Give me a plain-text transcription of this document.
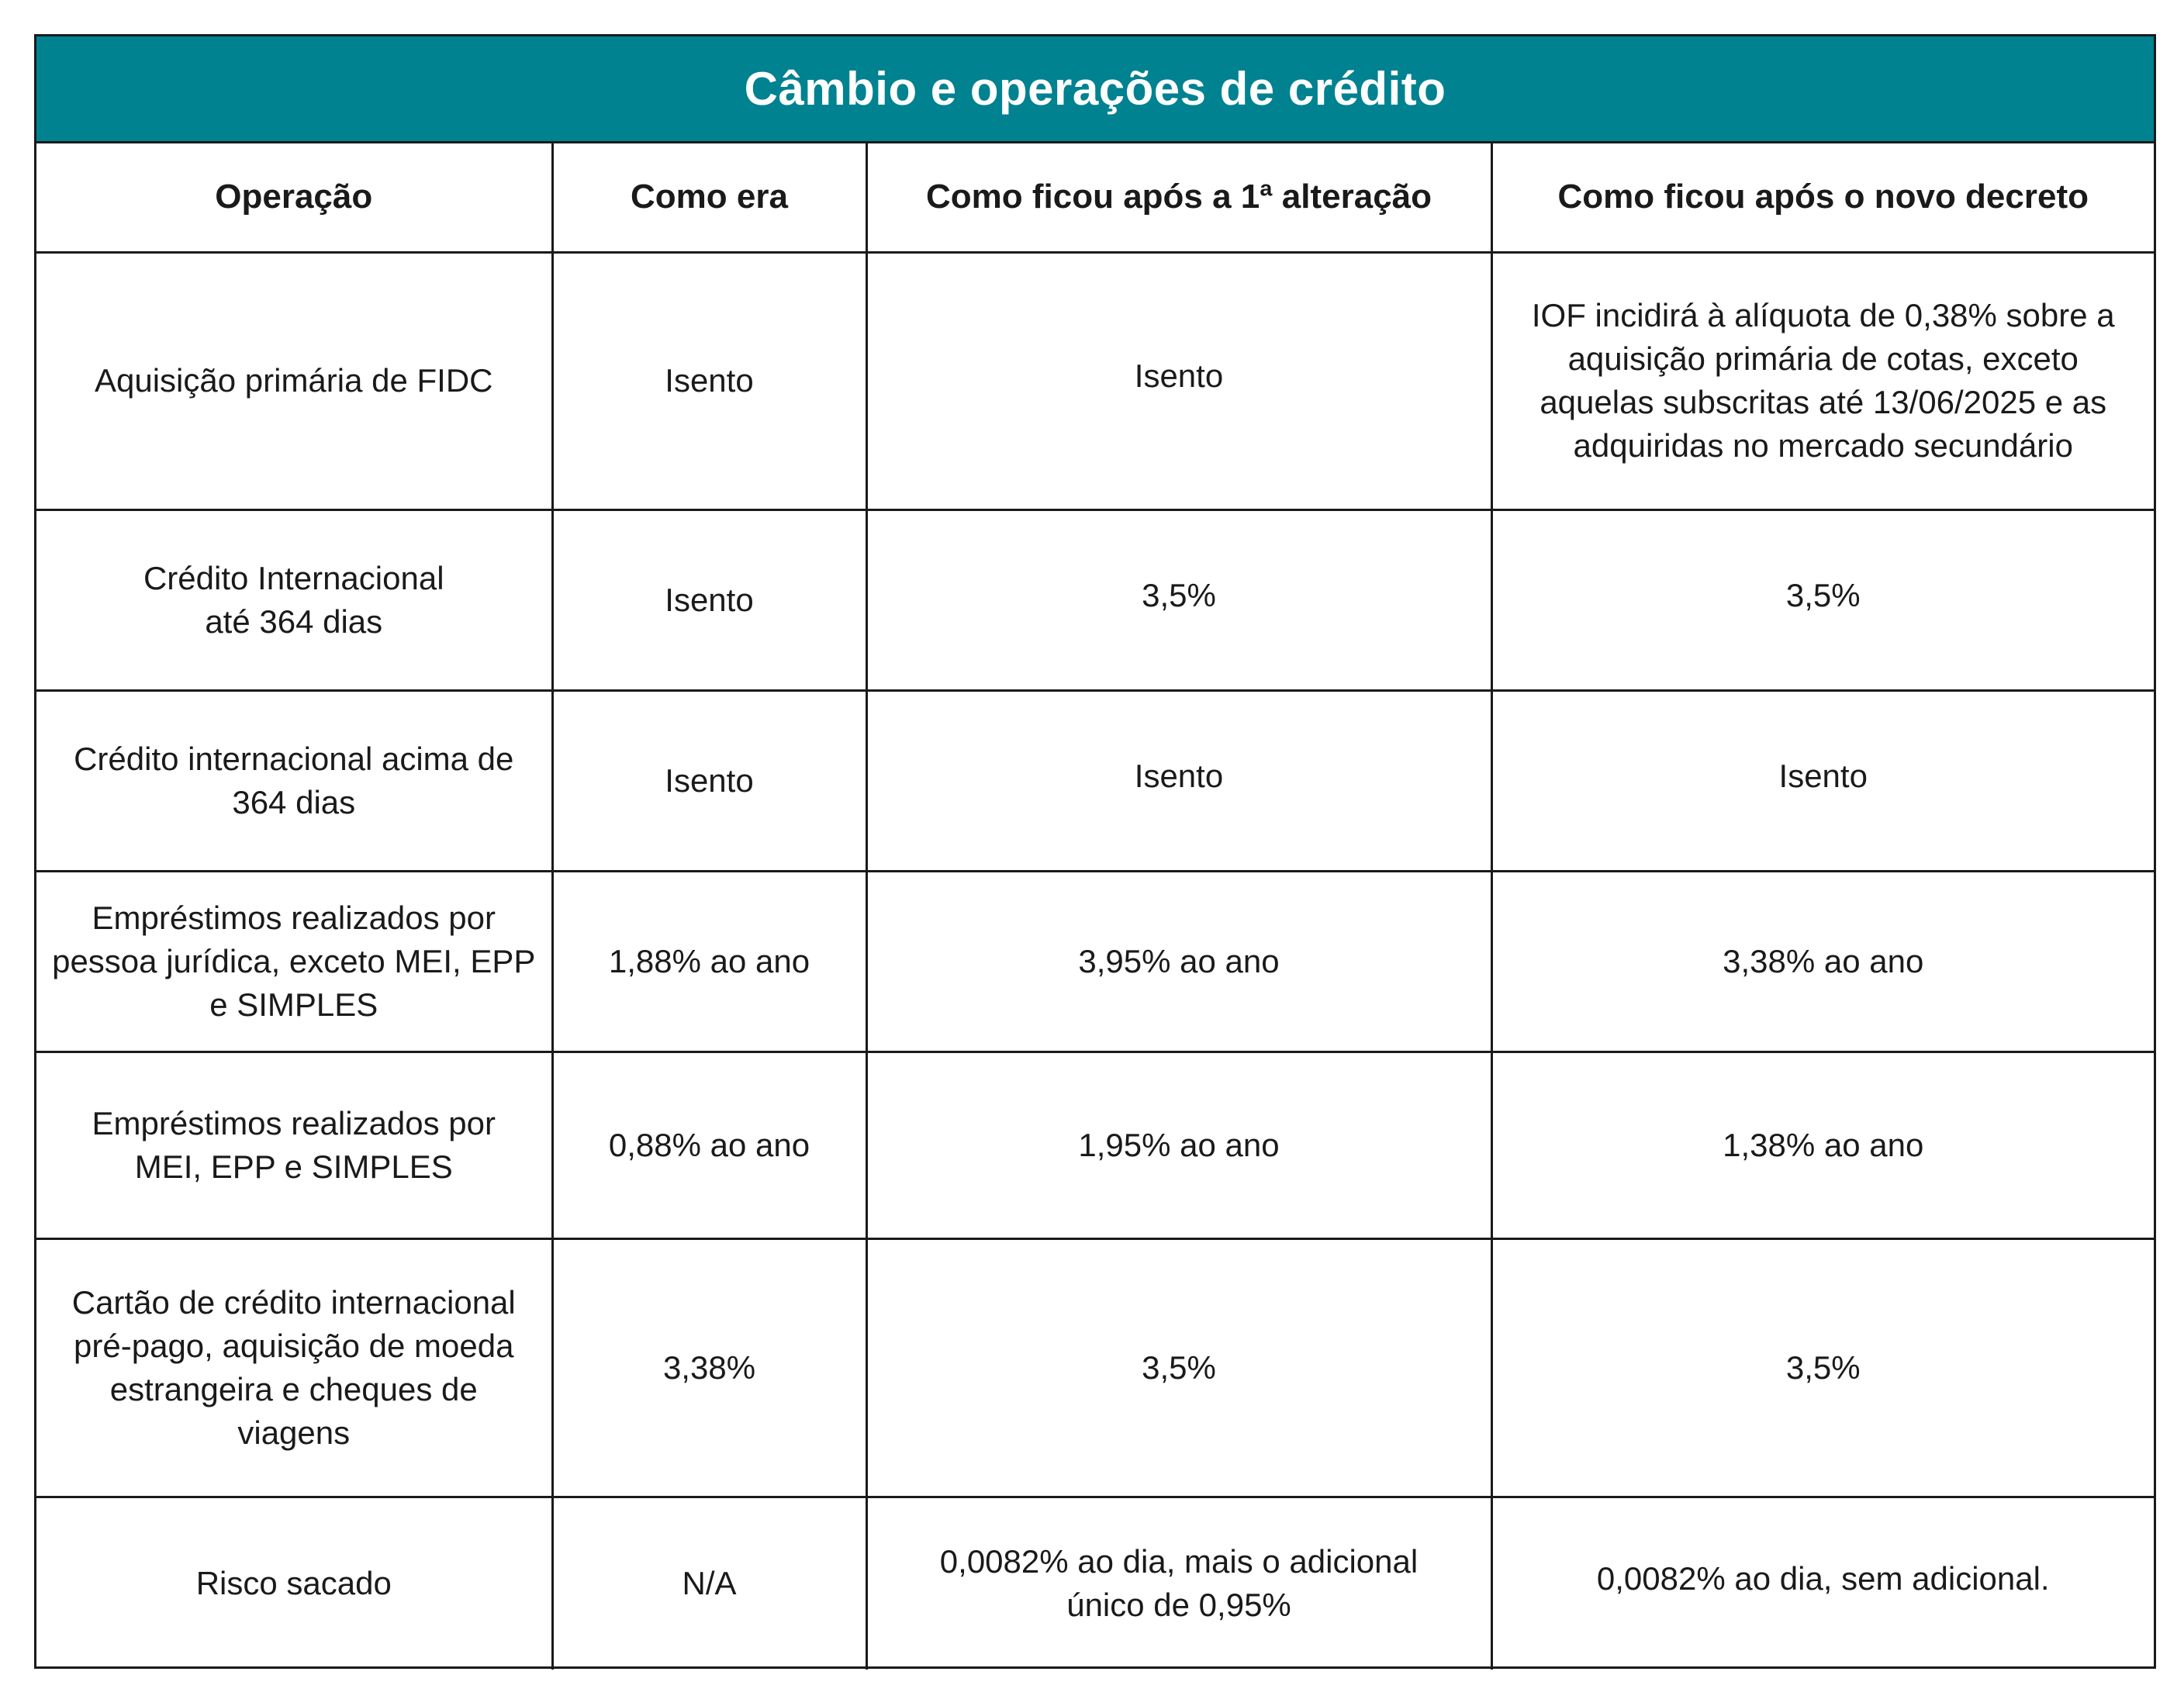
Câmbio e operações de crédito
Operação	Como era	Como ficou após a 1ª alteração	Como ficou após o novo decreto

Aquisição primária de FIDC	Isento	Isento	IOF incidirá à alíquota de 0,38% sobre a aquisição primária de cotas, exceto aquelas subscritas até 13/06/2025 e as adquiridas no mercado secundário

Crédito Internacional até 364 dias	Isento	3,5%	3,5%

Crédito internacional acima de 364 dias	Isento	Isento	Isento

Empréstimos realizados por pessoa jurídica, exceto MEI, EPP e SIMPLES	1,88% ao ano	3,95% ao ano	3,38% ao ano

Empréstimos realizados por MEI, EPP e SIMPLES	0,88% ao ano	1,95% ao ano	1,38% ao ano
Cartão de crédito internacional pré-pago, aquisição de moeda estrangeira e cheques de viagens	3,38%	3,5%	3,5%
Risco sacado	N/A	0,0082% ao dia, mais o adicional único de 0,95%	0,0082% ao dia, sem adicional.
